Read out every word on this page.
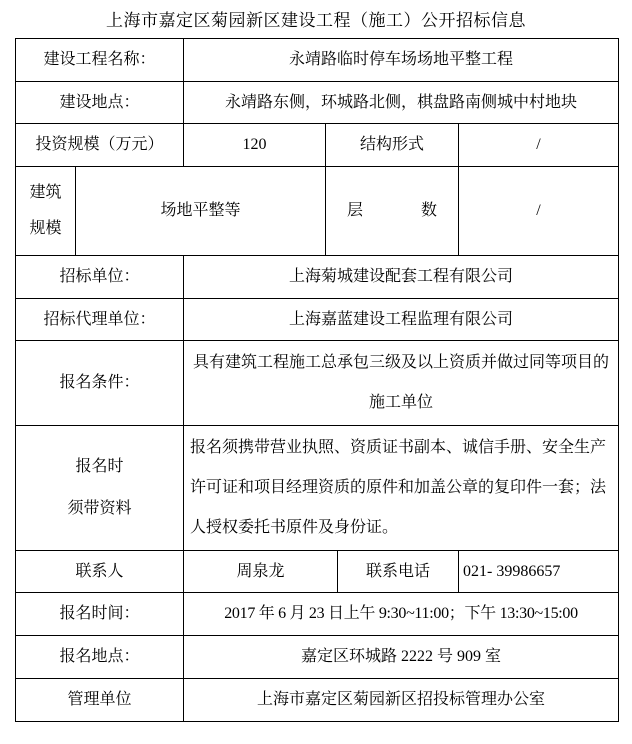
上海市嘉定区菊园新区建设工程（施工）公开招标信息
建设工程名称：		永靖路临时停车场场地平整工程			
建设地点：		永靖路东侧，环城路北侧，棋盘路南侧城中村地块			
投资规模（万元）		120	结构形式		/

建筑
规模	场地平整等		层 数		/
招标单位：		上海菊城建设配套工程有限公司			
招标代理单位：		上海嘉蓝建设工程监理有限公司			
报名条件：		具有建筑工程施工总承包三级及以上资质并做过同等项目的施工单位			

报名时
须带资料		报名须携带营业执照、资质证书副本、诚信手册、安全生产许可证和项目经理资质的原件和加盖公章的复印件一套；法人授权委托书原件及身份证。			
联系人		周泉龙		联系电话	021- 39986657
报名时间：		2017 年 6 月 23 日上午 9:30~11:00；下午 13:30~15:00			
报名地点：		嘉定区环城路 2222 号 909 室			
管理单位		上海市嘉定区菊园新区招投标管理办公室			
